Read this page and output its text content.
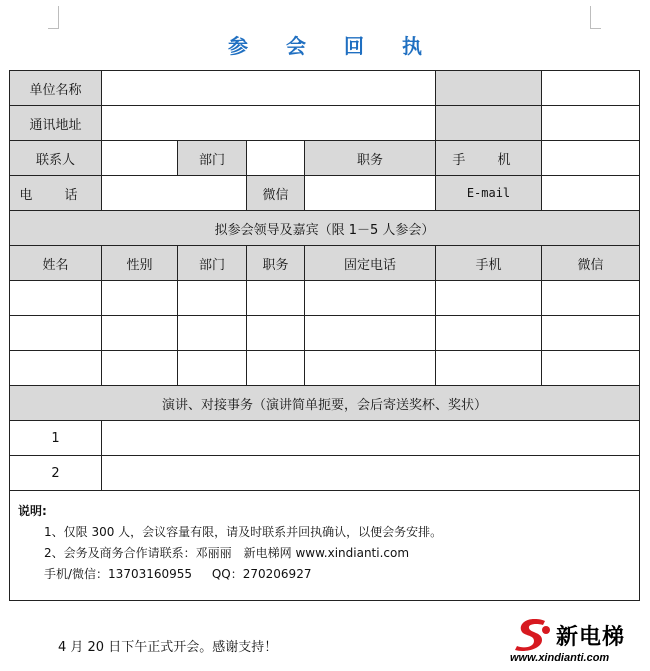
参会回执
单位名称						
通讯地址						
联系人		部门		职务	手 机	
电 话			微信		E-mail	
拟参会领导及嘉宾（限 1－5 人参会）						
姓名	性别	部门	职务	固定电话	手机	微信

演讲、对接事务（演讲简单扼要，会后寄送奖杯、奖状）						
1						
2						

说明:
1、仅限 300 人，会议容量有限，请及时联系并回执确认，以便会务安排。
2、会务及商务合作请联系：邓丽丽　新电梯网 www.xindianti.com
手机/微信：13703160955 QQ：270206927						
4 月 20 日下午正式开会。感谢支持！	新电梯
www.xindianti.com
